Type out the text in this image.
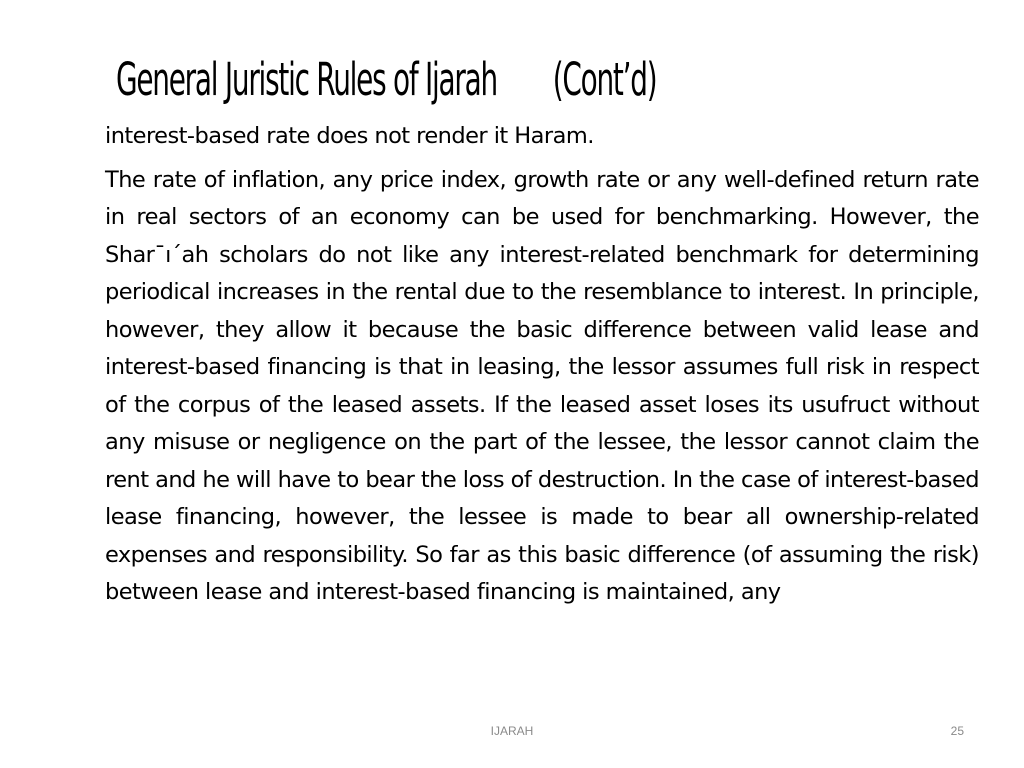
General Juristic Rules of Ijarah (Cont’d)

interest-based rate does not render it Haram.

The rate of inflation, any price index, growth rate or any well-defined return rate in real sectors of an economy can be used for benchmarking. However, the Shar¯ı´ah scholars do not like any interest-related benchmark for determining periodical increases in the rental due to the resemblance to interest. In principle, however, they allow it because the basic difference between valid lease and interest-based financing is that in leasing, the lessor assumes full risk in respect of the corpus of the leased assets. If the leased asset loses its usufruct without any misuse or negligence on the part of the lessee, the lessor cannot claim the rent and he will have to bear the loss of destruction. In the case of interest-based lease financing, however, the lessee is made to bear all ownership-related expenses and responsibility. So far as this basic difference (of assuming the risk) between lease and interest-based financing is maintained, any

IJARAH	25
